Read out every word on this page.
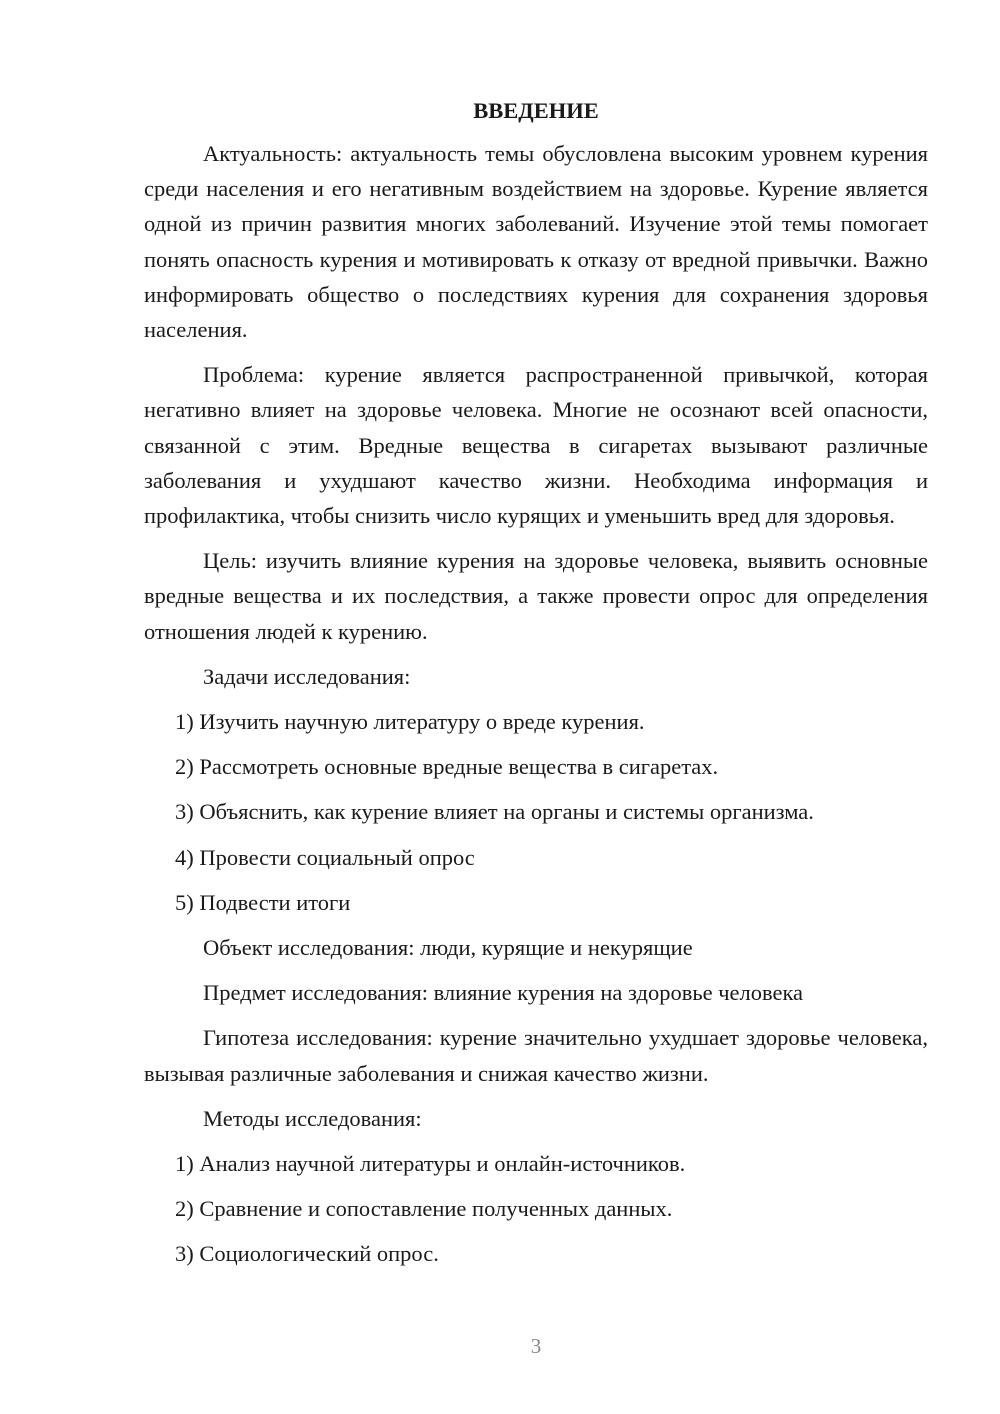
ВВЕДЕНИЕ

Актуальность: актуальность темы обусловлена высоким уровнем курения среди населения и его негативным воздействием на здоровье. Курение является одной из причин развития многих заболеваний. Изучение этой темы помогает понять опасность курения и мотивировать к отказу от вредной привычки. Важно информировать общество о последствиях курения для сохранения здоровья населения.

Проблема: курение является распространенной привычкой, которая негативно влияет на здоровье человека. Многие не осознают всей опасности, связанной с этим. Вредные вещества в сигаретах вызывают различные заболевания и ухудшают качество жизни. Необходима информация и профилактика, чтобы снизить число курящих и уменьшить вред для здоровья.

Цель: изучить влияние курения на здоровье человека, выявить основные вредные вещества и их последствия, а также провести опрос для определения отношения людей к курению.

Задачи исследования:
1) Изучить научную литературу о вреде курения.
2) Рассмотреть основные вредные вещества в сигаретах.
3) Объяснить, как курение влияет на органы и системы организма.
4) Провести социальный опрос
5) Подвести итоги
Объект исследования: люди, курящие и некурящие
Предмет исследования: влияние курения на здоровье человека

Гипотеза исследования: курение значительно ухудшает здоровье человека, вызывая различные заболевания и снижая качество жизни.

Методы исследования:
1) Анализ научной литературы и онлайн-источников.
2) Сравнение и сопоставление полученных данных.
3) Социологический опрос.
3
